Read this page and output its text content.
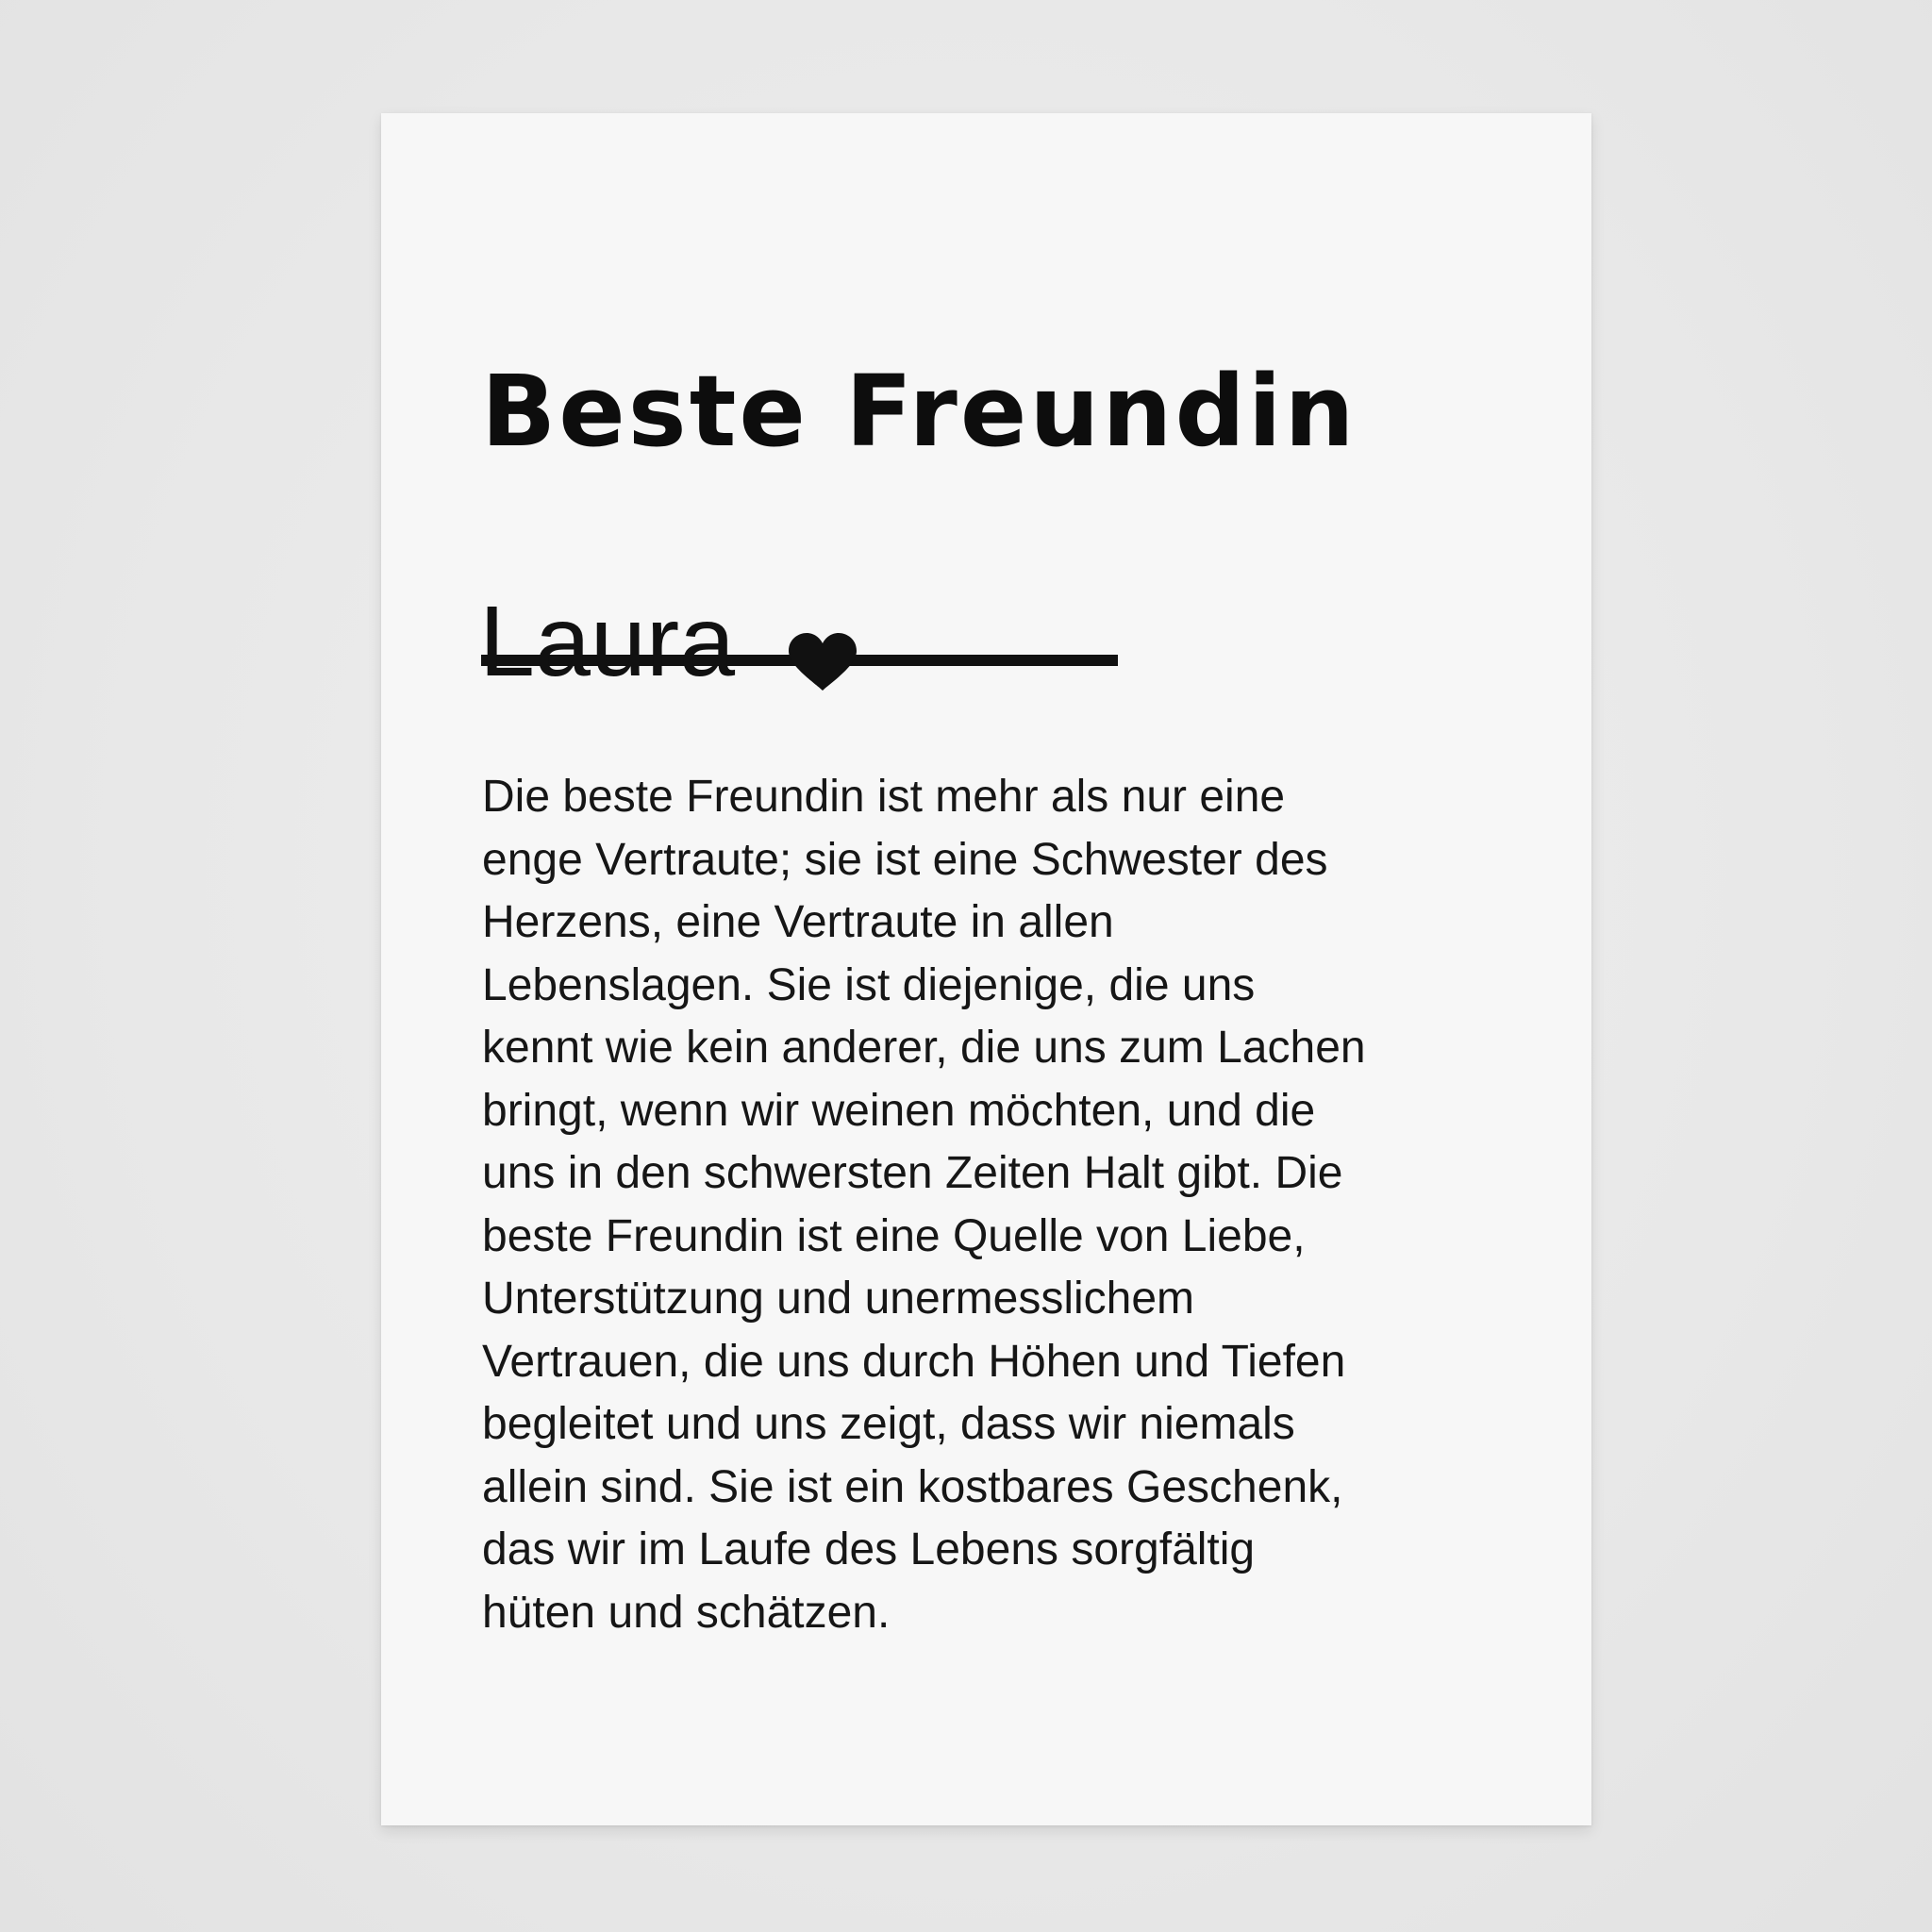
Beste Freundin
Laura

Die beste Freundin ist mehr als nur eine
enge Vertraute; sie ist eine Schwester des
Herzens, eine Vertraute in allen
Lebenslagen. Sie ist diejenige, die uns
kennt wie kein anderer, die uns zum Lachen
bringt, wenn wir weinen möchten, und die
uns in den schwersten Zeiten Halt gibt. Die
beste Freundin ist eine Quelle von Liebe,
Unterstützung und unermesslichem
Vertrauen, die uns durch Höhen und Tiefen
begleitet und uns zeigt, dass wir niemals
allein sind. Sie ist ein kostbares Geschenk,
das wir im Laufe des Lebens sorgfältig
hüten und schätzen.
